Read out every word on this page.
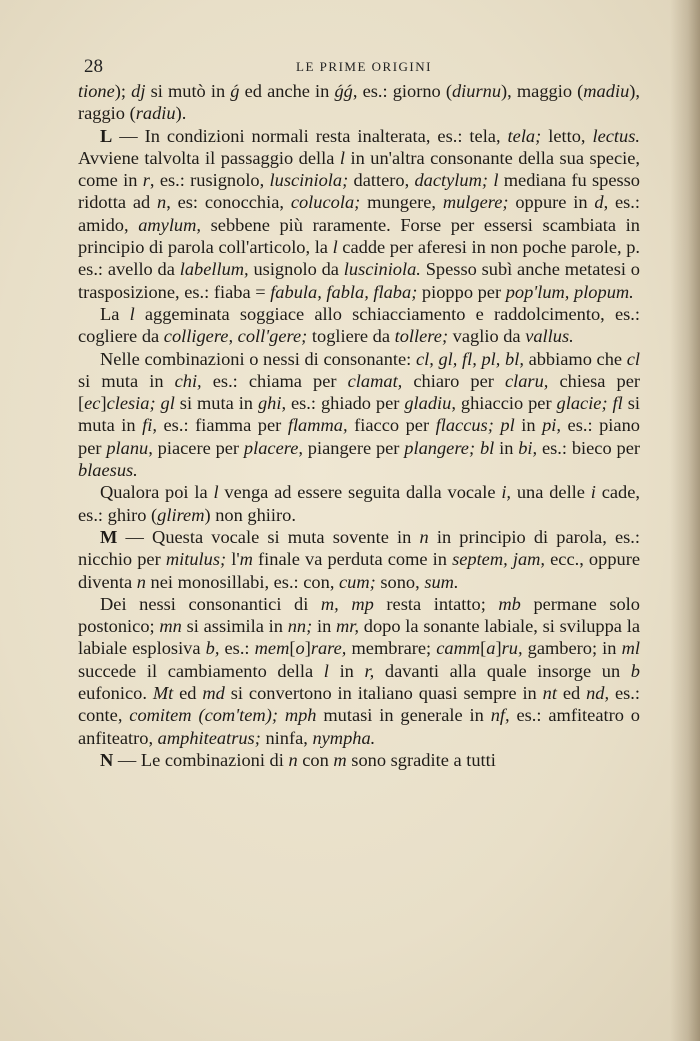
28	LE PRIME ORIGINI

tione); dj si mutò in ǵ ed anche in ǵǵ, es.: giorno (diurnu), maggio (madiu), raggio (radiu).

L — In condizioni normali resta inalterata, es.: tela, tela; letto, lectus. Avviene talvolta il passaggio della l in un'altra consonante della sua specie, come in r, es.: rusignolo, lusciniola; dattero, dactylum; l mediana fu spesso ridotta ad n, es: conocchia, colucola; mungere, mulgere; oppure in d, es.: amido, amylum, sebbene più raramente. Forse per essersi scambiata in principio di parola coll'articolo, la l cadde per aferesi in non poche parole, p. es.: avello da labellum, usignolo da lusciniola. Spesso subì anche metatesi o trasposizione, es.: fiaba = fabula, fabla, flaba; pioppo per pop'lum, plopum.

La l aggeminata soggiace allo schiacciamento e raddolcimento, es.: cogliere da colligere, coll'gere; togliere da tollere; vaglio da vallus.

Nelle combinazioni o nessi di consonante: cl, gl, fl, pl, bl, abbiamo che cl si muta in chi, es.: chiama per clamat, chiaro per claru, chiesa per [ec]clesia; gl si muta in ghi, es.: ghiado per gladiu, ghiaccio per glacie; fl si muta in fi, es.: fiamma per flamma, fiacco per flaccus; pl in pi, es.: piano per planu, piacere per placere, piangere per plangere; bl in bi, es.: bieco per blaesus.

Qualora poi la l venga ad essere seguita dalla vocale i, una delle i cade, es.: ghiro (glirem) non ghiiro.

M — Questa vocale si muta sovente in n in principio di parola, es.: nicchio per mitulus; l'm finale va perduta come in septem, jam, ecc., oppure diventa n nei monosillabi, es.: con, cum; sono, sum.

Dei nessi consonantici di m, mp resta intatto; mb permane solo postonico; mn si assimila in nn; in mr, dopo la sonante labiale, si sviluppa la labiale esplosiva b, es.: mem[o]rare, membrare; camm[a]ru, gambero; in ml succede il cambiamento della l in r, davanti alla quale insorge un b eufonico. Mt ed md si convertono in italiano quasi sempre in nt ed nd, es.: conte, comitem (com'tem); mph mutasi in generale in nf, es.: amfiteatro o anfiteatro, amphiteatrus; ninfa, nympha.

N — Le combinazioni di n con m sono sgradite a tutti
